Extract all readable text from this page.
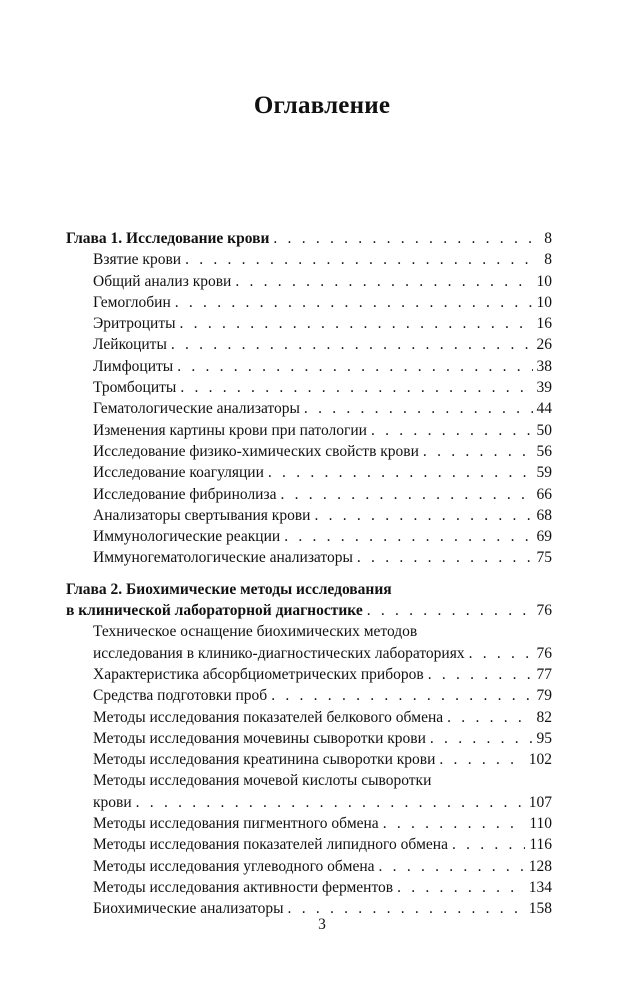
Оглавление
Глава 1. Исследование крови . . .	8
Взятие крови . . .	8
Общий анализ крови . . .	10
Гемоглобин . . .	10
Эритроциты . . .	16
Лейкоциты . . .	26
Лимфоциты . . .	38
Тромбоциты . . .	39
Гематологические анализаторы . . .	44
Изменения картины крови при патологии . . .	50
Исследование физико-химических свойств крови . . .	56
Исследование коагуляции . . .	59
Исследование фибринолиза . . .	66
Анализаторы свертывания крови . . .	68
Иммунологические реакции . . .	69
Иммуногематологические анализаторы . . .	75
Глава 2. Биохимические методы исследования
в клинической лабораторной диагностике . . .	76
Техническое оснащение биохимических методов
исследования в клинико-диагностических лабораториях . . .	76
Характеристика абсорбциометрических приборов . . .	77
Средства подготовки проб . . .	79
Методы исследования показателей белкового обмена . . .	82
Методы исследования мочевины сыворотки крови . . .	95
Методы исследования креатинина сыворотки крови . . .	102
Методы исследования мочевой кислоты сыворотки
крови . . .	107
Методы исследования пигментного обмена . . .	110
Методы исследования показателей липидного обмена . . .	116
Методы исследования углеводного обмена . . .	128
Методы исследования активности ферментов . . .	134
Биохимические анализаторы . . .	158
3
